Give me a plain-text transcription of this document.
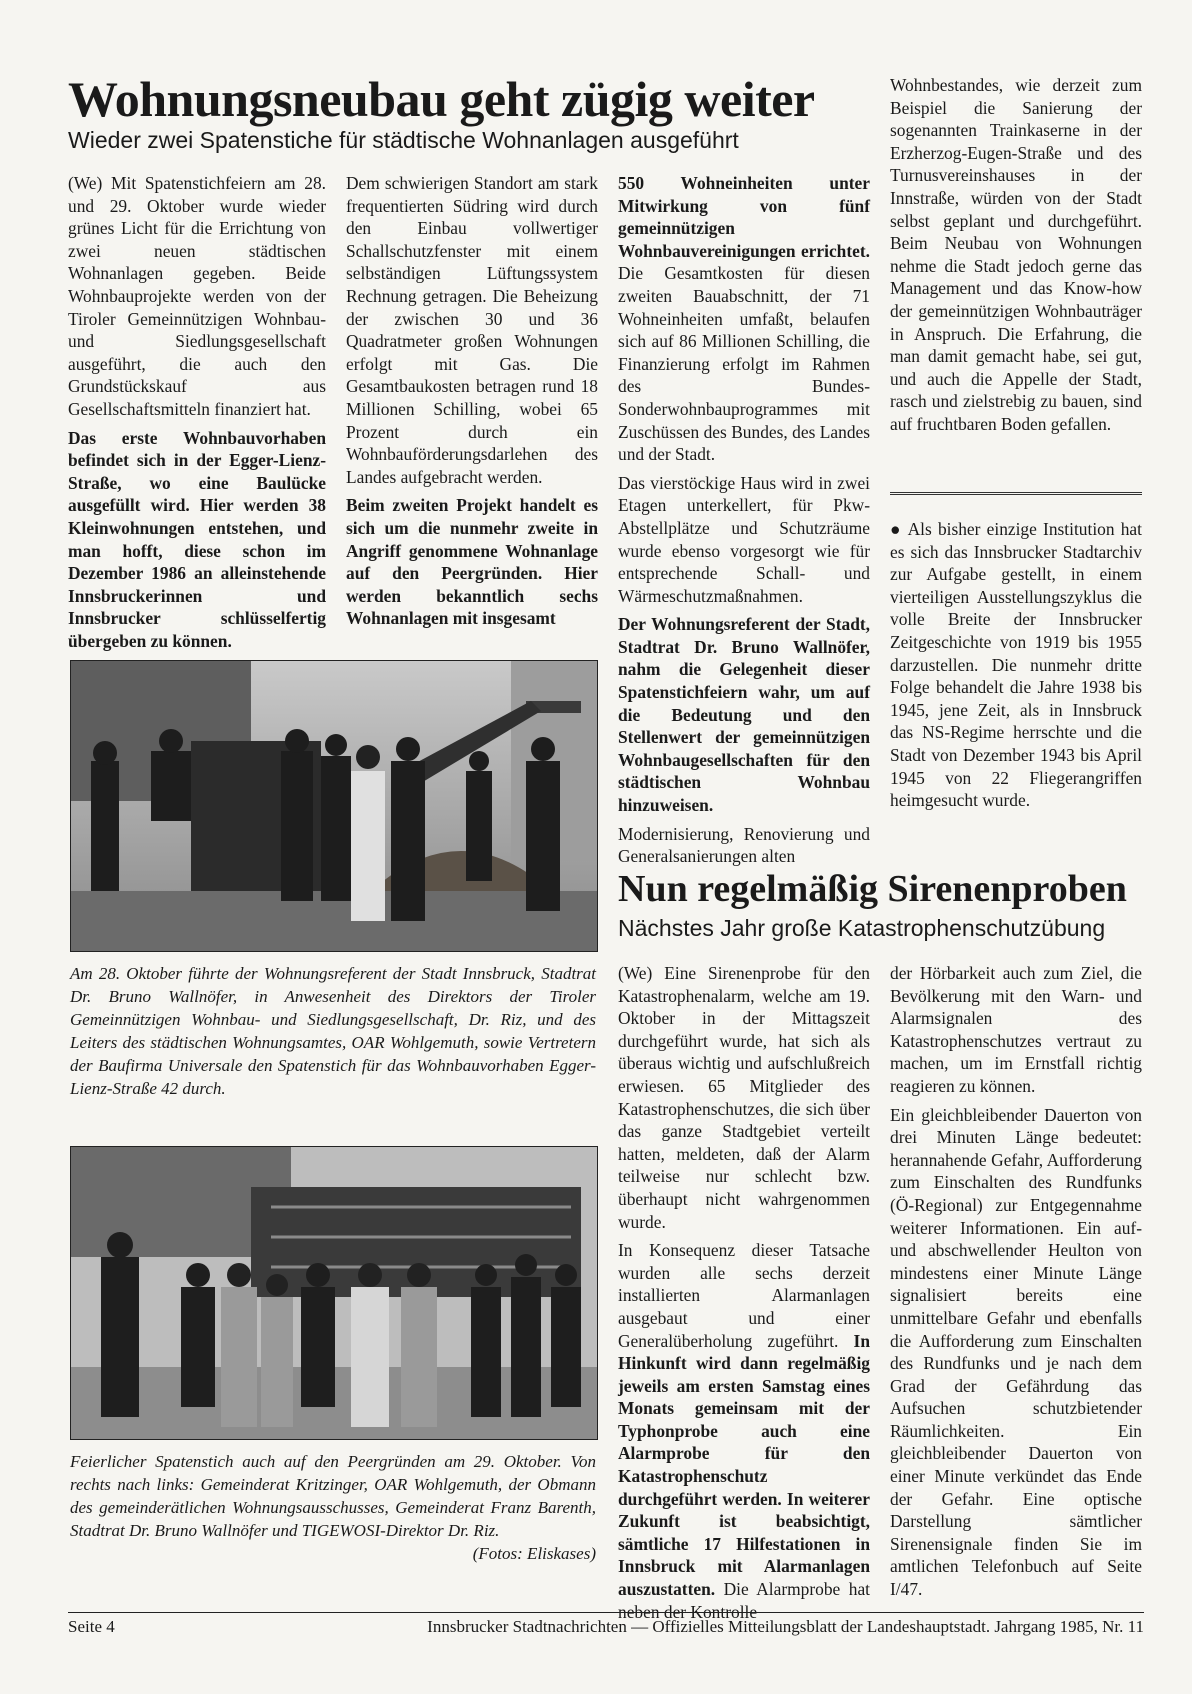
Wohnungsneubau geht zügig weiter
Wieder zwei Spatenstiche für städtische Wohnanlagen ausgeführt

(We) Mit Spatenstichfeiern am 28. und 29. Oktober wurde wieder grünes Licht für die Errichtung von zwei neuen städtischen Wohnanlagen gegeben. Beide Wohnbauprojekte werden von der Tiroler Gemeinnützigen Wohnbau- und Siedlungsgesellschaft ausgeführt, die auch den Grundstückskauf aus Gesellschaftsmitteln finanziert hat.

Das erste Wohnbauvorhaben befindet sich in der Egger-Lienz-Straße, wo eine Baulücke ausgefüllt wird. Hier werden 38 Kleinwohnungen entstehen, und man hofft, diese schon im Dezember 1986 an alleinstehende Innsbruckerinnen und Innsbrucker schlüsselfertig übergeben zu können.

Dem schwierigen Standort am stark frequentierten Südring wird durch den Einbau vollwertiger Schallschutzfenster mit einem selbständigen Lüftungssystem Rechnung getragen. Die Beheizung der zwischen 30 und 36 Quadratmeter großen Wohnungen erfolgt mit Gas. Die Gesamtbaukosten betragen rund 18 Millionen Schilling, wobei 65 Prozent durch ein Wohnbauförderungsdarlehen des Landes aufgebracht werden.

Beim zweiten Projekt handelt es sich um die nunmehr zweite in Angriff genommene Wohnanlage auf den Peergründen. Hier werden bekanntlich sechs Wohnanlagen mit insgesamt

550 Wohneinheiten unter Mitwirkung von fünf gemeinnützigen Wohnbauvereinigungen errichtet. Die Gesamtkosten für diesen zweiten Bauabschnitt, der 71 Wohneinheiten umfaßt, belaufen sich auf 86 Millionen Schilling, die Finanzierung erfolgt im Rahmen des Bundes-Sonderwohnbauprogrammes mit Zuschüssen des Bundes, des Landes und der Stadt.

Das vierstöckige Haus wird in zwei Etagen unterkellert, für Pkw-Abstellplätze und Schutzräume wurde ebenso vorgesorgt wie für entsprechende Schall- und Wärmeschutzmaßnahmen.

Der Wohnungsreferent der Stadt, Stadtrat Dr. Bruno Wallnöfer, nahm die Gelegenheit dieser Spatenstichfeiern wahr, um auf die Bedeutung und den Stellenwert der gemeinnützigen Wohnbaugesellschaften für den städtischen Wohnbau hinzuweisen.

Modernisierung, Renovierung und Generalsanierungen alten

Wohnbestandes, wie derzeit zum Beispiel die Sanierung der sogenannten Trainkaserne in der Erzherzog-Eugen-Straße und des Turnusvereinshauses in der Innstraße, würden von der Stadt selbst geplant und durchgeführt. Beim Neubau von Wohnungen nehme die Stadt jedoch gerne das Management und das Know-how der gemeinnützigen Wohnbauträger in Anspruch. Die Erfahrung, die man damit gemacht habe, sei gut, und auch die Appelle der Stadt, rasch und zielstrebig zu bauen, sind auf fruchtbaren Boden gefallen.

● Als bisher einzige Institution hat es sich das Innsbrucker Stadtarchiv zur Aufgabe gestellt, in einem vierteiligen Ausstellungszyklus die volle Breite der Innsbrucker Zeitgeschichte von 1919 bis 1955 darzustellen. Die nunmehr dritte Folge behandelt die Jahre 1938 bis 1945, jene Zeit, als in Innsbruck das NS-Regime herrschte und die Stadt von Dezember 1943 bis April 1945 von 22 Fliegerangriffen heimgesucht wurde.

Am 28. Oktober führte der Wohnungsreferent der Stadt Innsbruck, Stadtrat Dr. Bruno Wallnöfer, in Anwesenheit des Direktors der Tiroler Gemeinnützigen Wohnbau- und Siedlungsgesellschaft, Dr. Riz, und des Leiters des städtischen Wohnungsamtes, OAR Wohlgemuth, sowie Vertretern der Baufirma Universale den Spatenstich für das Wohnbauvorhaben Egger-Lienz-Straße 42 durch.
Feierlicher Spatenstich auch auf den Peergründen am 29. Oktober. Von rechts nach links: Gemeinderat Kritzinger, OAR Wohlgemuth, der Obmann des gemeinderätlichen Wohnungsausschusses, Gemeinderat Franz Barenth, Stadtrat Dr. Bruno Wallnöfer und TIGEWOSI-Direktor Dr. Riz.
(Fotos: Eliskases)
Nun regelmäßig Sirenenproben
Nächstes Jahr große Katastrophenschutzübung

(We) Eine Sirenenprobe für den Katastrophenalarm, welche am 19. Oktober in der Mittagszeit durchgeführt wurde, hat sich als überaus wichtig und aufschlußreich erwiesen. 65 Mitglieder des Katastrophenschutzes, die sich über das ganze Stadtgebiet verteilt hatten, meldeten, daß der Alarm teilweise nur schlecht bzw. überhaupt nicht wahrgenommen wurde.

In Konsequenz dieser Tatsache wurden alle sechs derzeit installierten Alarmanlagen ausgebaut und einer Generalüberholung zugeführt. In Hinkunft wird dann regelmäßig jeweils am ersten Samstag eines Monats gemeinsam mit der Typhonprobe auch eine Alarmprobe für den Katastrophenschutz durchgeführt werden. In weiterer Zukunft ist beabsichtigt, sämtliche 17 Hilfestationen in Innsbruck mit Alarmanlagen auszustatten. Die Alarmprobe hat neben der Kontrolle

der Hörbarkeit auch zum Ziel, die Bevölkerung mit den Warn- und Alarmsignalen des Katastrophenschutzes vertraut zu machen, um im Ernstfall richtig reagieren zu können.

Ein gleichbleibender Dauerton von drei Minuten Länge bedeutet: herannahende Gefahr, Aufforderung zum Einschalten des Rundfunks (Ö-Regional) zur Entgegennahme weiterer Informationen. Ein auf- und abschwellender Heulton von mindestens einer Minute Länge signalisiert bereits eine unmittelbare Gefahr und ebenfalls die Aufforderung zum Einschalten des Rundfunks und je nach dem Grad der Gefährdung das Aufsuchen schutzbietender Räumlichkeiten. Ein gleichbleibender Dauerton von einer Minute verkündet das Ende der Gefahr. Eine optische Darstellung sämtlicher Sirenensignale finden Sie im amtlichen Telefonbuch auf Seite I/47.

Seite 4	Innsbrucker Stadtnachrichten — Offizielles Mitteilungsblatt der Landeshauptstadt. Jahrgang 1985, Nr. 11
